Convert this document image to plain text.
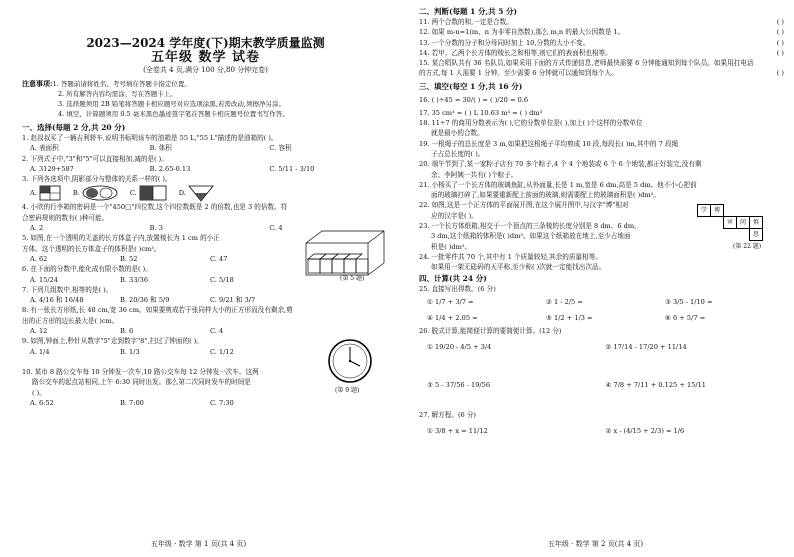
2023—2024 学年度(下)期末教学质量监测
五年级 数学 试卷
(全卷共 4 页,满分 100 分,80 分钟完卷)
注意事项:1. 答题前请将姓名、考号填在答题卡指定位置。
2. 所有解答内容均需涂、写在答题卡上。
3. 选择题须用 2B 铅笔将答题卡相应题号对应选项涂黑,若需改动,须擦净另涂。
4. 填空、计算题须用 0.5 毫米黑色墨迹签字笔在答题卡相应题号位置书写作答。
一、选择(每题 2 分,共 20 分)
1. 赵叔叔买了一辆吉利轿车,说明书标明该车的油箱是 55 L,"55 L"描述的是油箱的( )。
A. 表面积	B. 体积	C. 容积
2. 下列式子中,"3"和"5"可以直接相加,减的是( )。
A. 3129+587	B. 2.65-0.13	C. 5/11 - 3/10
3. 下列各选项中,阴影部分与整体的关系一样的( )。
A.	B.	C.	D.
4. 小欣的行李箱的密码是一个"450□"四位数,这个四位数既是 2 的倍数,也是 3 的倍数。符
合密码规则的数有( )种可能。
A. 2	B. 3	C. 4
5. 如图,在一个透明的无盖的长方体盒子内,放置棱长为 1 cm 的小正
方体。这个透明的长方体盒子的体积是( )cm³。
A. 62	B. 52	C. 47
(第 5 题)
6. 在下面的分数中,能化成有限小数的是( )。
A. 15/24	B. 33/36	C. 5/18
7. 下列几组数中,相等的是( )。
A. 4/16 和 16/48	B. 20/36 和 5/9	C. 9/21 和 3/7
8. 有一张长方形纸,长 48 cm,宽 36 cm。如果要剪成若干张同样大小的正方形而没有剩余,剪
出的正方形的边长最大是( )cm。
A. 12	B. 6	C. 4
9. 如图,钟面上,秒针从数字"5"走到数字"8",扫过了钟面的( )。
A. 1/4	B. 1/3	C. 1/12
(第 9 题)
10. 某市 8 路公交车每 10 分钟发一次车,10 路公交车每 12 分钟发一次车。这两
路公交车的起点站相同,上午 6:30 同时出发。那么第二次同时发车的时间是
( )。
A. 6:52	B. 7:00	C. 7:30
五年级 · 数学 第 1 页(共 4 页)
二、判断(每题 1 分,共 5 分)
11. 两个合数的和,一定是合数。	( )
12. 如果 m-n=1(m、n 为非零自然数),那么 m,n 的最大公因数是 1。	( )
13. 一个分数的分子和分母同时加上 10,分数的大小不变。	( )
14. 若甲、乙两个长方体的棱长之和相等,则它们的表面积也相等。	( )
15. 某合唱队共有 36 名队员,如果采用下面的方式传递信息,老师最快需要 6 分钟能通知到每个队员。如果用打电话的方式,每 1 人需要 1 分钟。至少需要 6 分钟就可以通知到每个人。	( )
三、填空(每空 1 分,共 16 分)
16. ( )÷45 = 30/( ) = ( )/20 = 0.6
17. 35 cm³ = ( ) L 10.63 m³ = ( ) dm³
18. 11÷7 的商用分数表示为( ),它的分数单位是( ),加上( )个这样的分数单位
就是最小的合数。
19. 一根绳子的总长度是 3 m,如果把这根绳子平均剪成 10 段,每段长( )m,其中的 7 段绳
子占总长度的( )。
20. 端午节到了,某一家粽子店有 70 多个粽子,4 个 4 个地装或 6 个 6 个地装,都正好装完,没有剩
余。李阿姨一共有( )个粽子。
21. 小杨买了一个长方体的玻璃鱼缸,从外面量,长是 1 m,宽是 6 dm,高是 5 dm。他不小心把前
面的玻璃打碎了,如果要重新配上前面的玻璃,则需要配上的玻璃面积是( )dm²。
22. 如图,这是一个正方体的平面展开图,在这个展开图中,与汉字"博"相对
应的汉字是( )。
23. 一个长方体纸箱,相交于一个顶点的三条棱的长度分别是 8 dm、6 dm,
3 dm,这个纸箱的体积是( )dm³。如果这个纸箱放在地上,至少占地面
积是( )dm²。
24. 一批零件共 70 个,其中有 1 个质量较轻,其余的质量相等。
如果用一架无砝码的天平称,至少称( )次就一定能找出次品。
学	博
审	问	慎
思
(第 22 题)
四、计算(共 24 分)
25. 直接写出得数。(6 分)
① 1/7 + 3/7 =	② 1 - 2/5 =	③ 3/5 - 1/10 =
④ 1/4 + 2.05 =	⑤ 1/2 + 1/3 =	⑥ 6 + 5/7 =
26. 脱式计算,能简便计算的要简便计算。(12 分)
① 19/20 - 4/5 + 3/4	② 17/14 - 17/20 + 11/14
③ 5 - 37/56 - 19/56	④ 7/8 + 7/11 + 0.125 + 15/11
27. 解方程。(6 分)
① 3/8 + x = 11/12	② x - (4/15 + 2/3) = 1/6
五年级 · 数学 第 2 页(共 4 页)
